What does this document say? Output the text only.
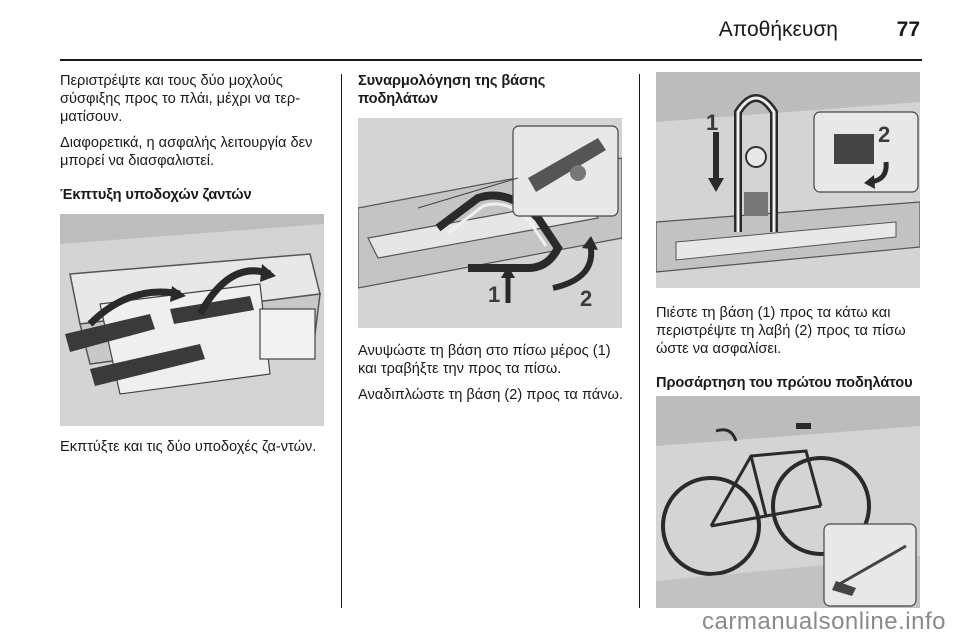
Αποθήκευση	77

Περιστρέψτε και τους δύο μοχλούς σύσφιξης προς το πλάι, μέχρι να τερ‐ματίσουν.

Διαφορετικά, η ασφαλής λειτουργία δεν μπορεί να διασφαλιστεί.

Έκπτυξη υποδοχών ζαντών

Εκπτύξτε και τις δύο υποδοχές ζα‐ντών.

Συναρμολόγηση της βάσης ποδηλάτων

1	2

Ανυψώστε τη βάση στο πίσω μέρος (1) και τραβήξτε την προς τα πίσω.

Αναδιπλώστε τη βάση (2) προς τα πάνω.

1	2

Πιέστε τη βάση (1) προς τα κάτω και περιστρέψτε τη λαβή (2) προς τα πίσω ώστε να ασφαλίσει.

Προσάρτηση του πρώτου ποδηλάτου

carmanualsonline.info
